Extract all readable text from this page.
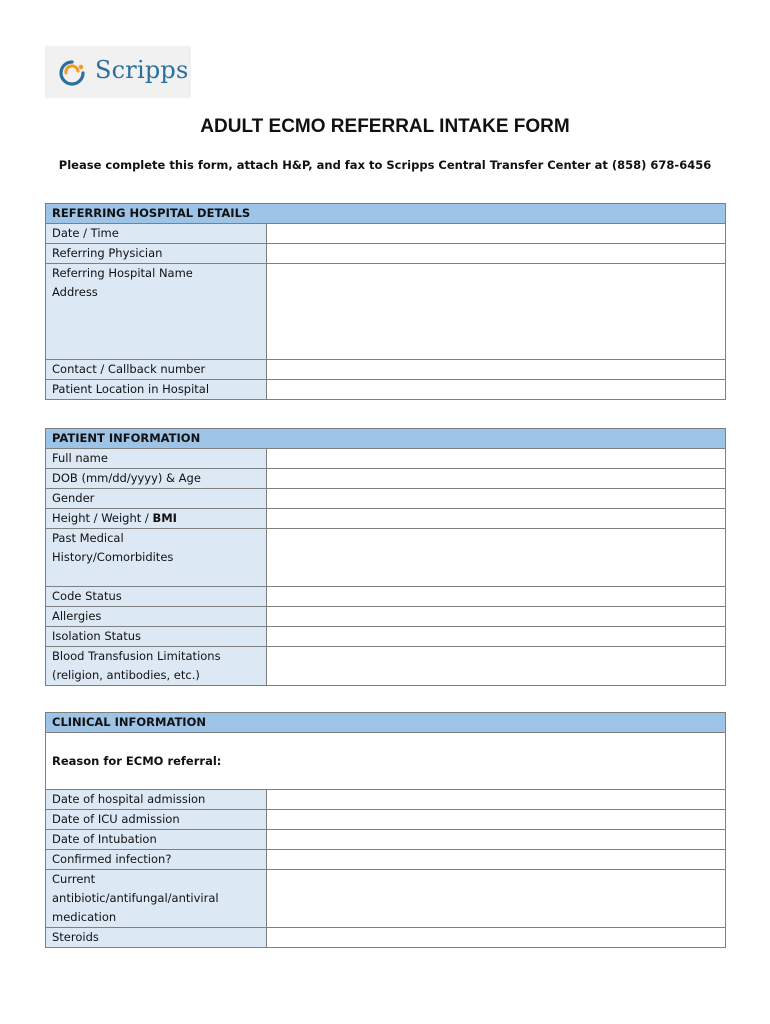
Scripps
ADULT ECMO REFERRAL INTAKE FORM
Please complete this form, attach H&P, and fax to Scripps Central Transfer Center at (858) 678-6456
REFERRING HOSPITAL DETAILS	
Date / Time	
Referring Physician	

Referring Hospital Name
Address	

Contact / Callback number	
Patient Location in Hospital	
PATIENT INFORMATION	
Full name	
DOB (mm/dd/yyyy) & Age	
Gender	
Height / Weight / BMI	

Past Medical
History/Comorbidites	

Code Status	
Allergies	
Isolation Status	

Blood Transfusion Limitations
(religion, antibodies, etc.)	

CLINICAL INFORMATION	
Reason for ECMO referral:	
Date of hospital admission	
Date of ICU admission	
Date of Intubation	
Confirmed infection?	

Current
antibiotic/antifungal/antiviral
medication	

Steroids	
